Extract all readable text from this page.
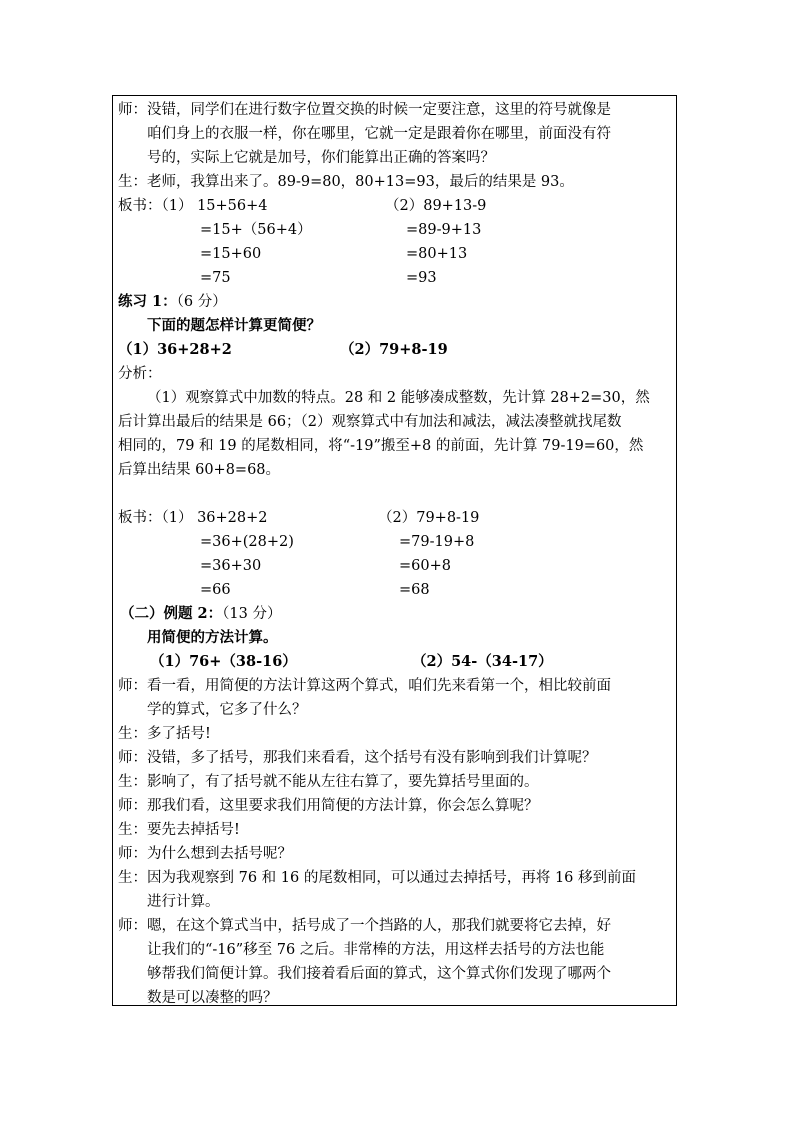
师：没错，同学们在进行数字位置交换的时候一定要注意，这里的符号就像是
咱们身上的衣服一样，你在哪里，它就一定是跟着你在哪里，前面没有符
号的，实际上它就是加号，你们能算出正确的答案吗？
生：老师，我算出来了。89-9=80，80+13=93，最后的结果是 93。
板书：（1） 15+56+4
=15+（56+4）
=15+60
=75
（2）89+13-9
=89-9+13
=80+13
=93
练习 1：（6 分）
下面的题怎样计算更简便？
（1）36+28+2	（2）79+8-19
分析：
（1）观察算式中加数的特点。28 和 2 能够凑成整数，先计算 28+2=30，然
后计算出最后的结果是 66；（2）观察算式中有加法和减法，减法凑整就找尾数
相同的，79 和 19 的尾数相同，将“-19”搬至+8 的前面，先计算 79-19=60，然
后算出结果 60+8=68。
板书：（1） 36+28+2
=36+(28+2)
=36+30
=66
（2）79+8-19
=79-19+8
=60+8
=68
（二）例题 2：（13 分）
用简便的方法计算。
（1）76+（38-16）	（2）54-（34-17）
师：看一看，用简便的方法计算这两个算式，咱们先来看第一个，相比较前面
学的算式，它多了什么？
生：多了括号!
师：没错，多了括号，那我们来看看，这个括号有没有影响到我们计算呢？
生：影响了，有了括号就不能从左往右算了，要先算括号里面的。
师：那我们看，这里要求我们用简便的方法计算，你会怎么算呢？
生：要先去掉括号!
师：为什么想到去括号呢？
生：因为我观察到 76 和 16 的尾数相同，可以通过去掉括号，再将 16 移到前面
进行计算。
师：嗯，在这个算式当中，括号成了一个挡路的人，那我们就要将它去掉，好
让我们的“-16”移至 76 之后。非常棒的方法，用这样去括号的方法也能
够帮我们简便计算。我们接着看后面的算式，这个算式你们发现了哪两个
数是可以凑整的吗？
